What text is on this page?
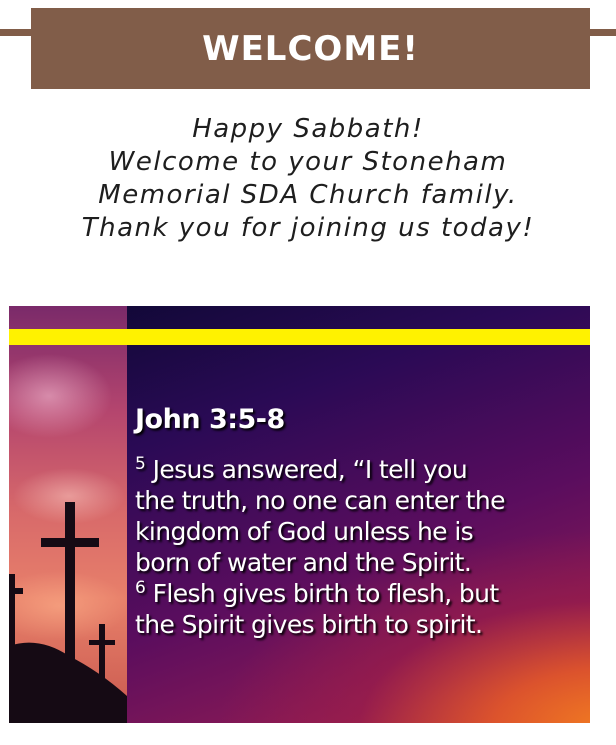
WELCOME!
Happy Sabbath!
Welcome to your Stoneham
Memorial SDA Church family.
Thank you for joining us today!
John 3:5-8
$^5$ Jesus answered, “I tell you
the truth, no one can enter the
kingdom of God unless he is
born of water and the Spirit.
$^6$ Flesh gives birth to flesh, but
the Spirit gives birth to spirit.
